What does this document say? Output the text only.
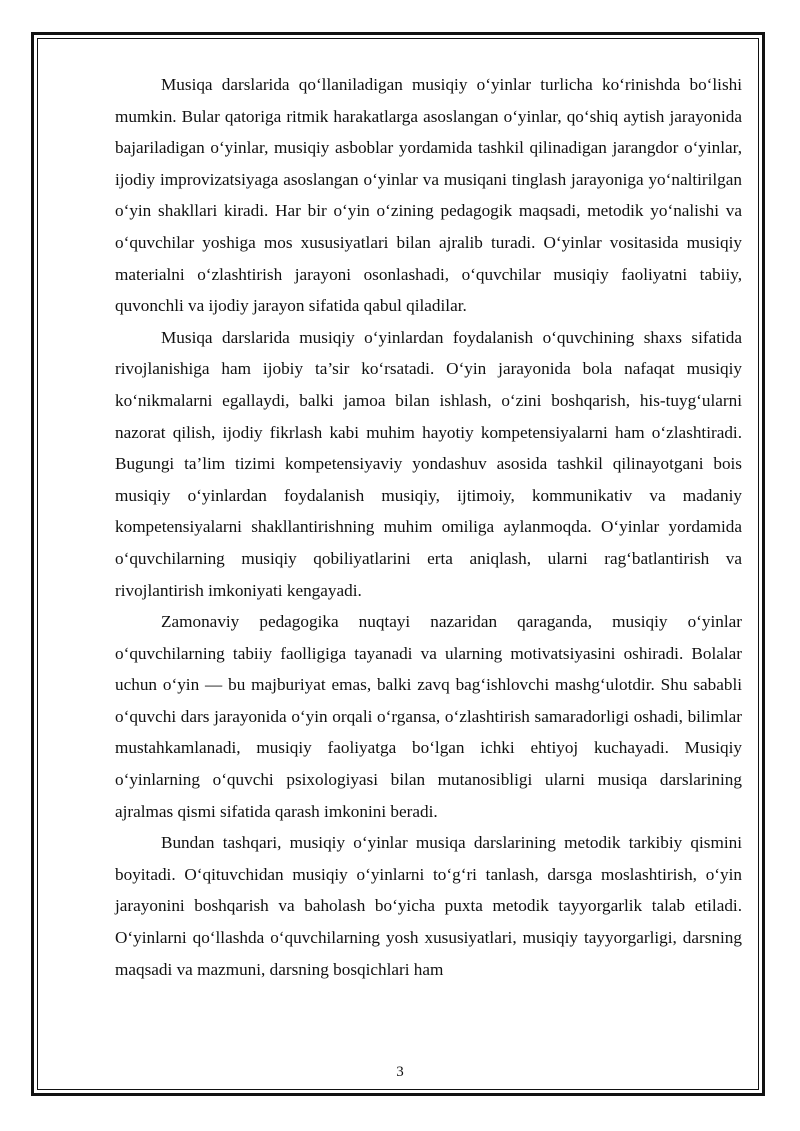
Musiqa darslarida qo‘llaniladigan musiqiy o‘yinlar turlicha ko‘rinishda bo‘lishi mumkin. Bular qatoriga ritmik harakatlarga asoslangan o‘yinlar, qo‘shiq aytish jarayonida bajariladigan o‘yinlar, musiqiy asboblar yordamida tashkil qilinadigan jarangdor o‘yinlar, ijodiy improvizatsiyaga asoslangan o‘yinlar va musiqani tinglash jarayoniga yo‘naltirilgan o‘yin shakllari kiradi. Har bir o‘yin o‘zining pedagogik maqsadi, metodik yo‘nalishi va o‘quvchilar yoshiga mos xususiyatlari bilan ajralib turadi. O‘yinlar vositasida musiqiy materialni o‘zlashtirish jarayoni osonlashadi, o‘quvchilar musiqiy faoliyatni tabiiy, quvonchli va ijodiy jarayon sifatida qabul qiladilar.

Musiqa darslarida musiqiy o‘yinlardan foydalanish o‘quvchining shaxs sifatida rivojlanishiga ham ijobiy ta’sir ko‘rsatadi. O‘yin jarayonida bola nafaqat musiqiy ko‘nikmalarni egallaydi, balki jamoa bilan ishlash, o‘zini boshqarish, his-tuyg‘ularni nazorat qilish, ijodiy fikrlash kabi muhim hayotiy kompetensiyalarni ham o‘zlashtiradi. Bugungi ta’lim tizimi kompetensiyaviy yondashuv asosida tashkil qilinayotgani bois musiqiy o‘yinlardan foydalanish musiqiy, ijtimoiy, kommunikativ va madaniy kompetensiyalarni shakllantirishning muhim omiliga aylanmoqda. O‘yinlar yordamida o‘quvchilarning musiqiy qobiliyatlarini erta aniqlash, ularni rag‘batlantirish va rivojlantirish imkoniyati kengayadi.

Zamonaviy pedagogika nuqtayi nazaridan qaraganda, musiqiy o‘yinlar o‘quvchilarning tabiiy faolligiga tayanadi va ularning motivatsiyasini oshiradi. Bolalar uchun o‘yin — bu majburiyat emas, balki zavq bag‘ishlovchi mashg‘ulotdir. Shu sababli o‘quvchi dars jarayonida o‘yin orqali o‘rgansa, o‘zlashtirish samaradorligi oshadi, bilimlar mustahkamlanadi, musiqiy faoliyatga bo‘lgan ichki ehtiyoj kuchayadi. Musiqiy o‘yinlarning o‘quvchi psixologiyasi bilan mutanosibligi ularni musiqa darslarining ajralmas qismi sifatida qarash imkonini beradi.

Bundan tashqari, musiqiy o‘yinlar musiqa darslarining metodik tarkibiy qismini boyitadi. O‘qituvchidan musiqiy o‘yinlarni to‘g‘ri tanlash, darsga moslashtirish, o‘yin jarayonini boshqarish va baholash bo‘yicha puxta metodik tayyorgarlik talab etiladi. O‘yinlarni qo‘llashda o‘quvchilarning yosh xususiyatlari, musiqiy tayyorgarligi, darsning maqsadi va mazmuni, darsning bosqichlari ham

3
